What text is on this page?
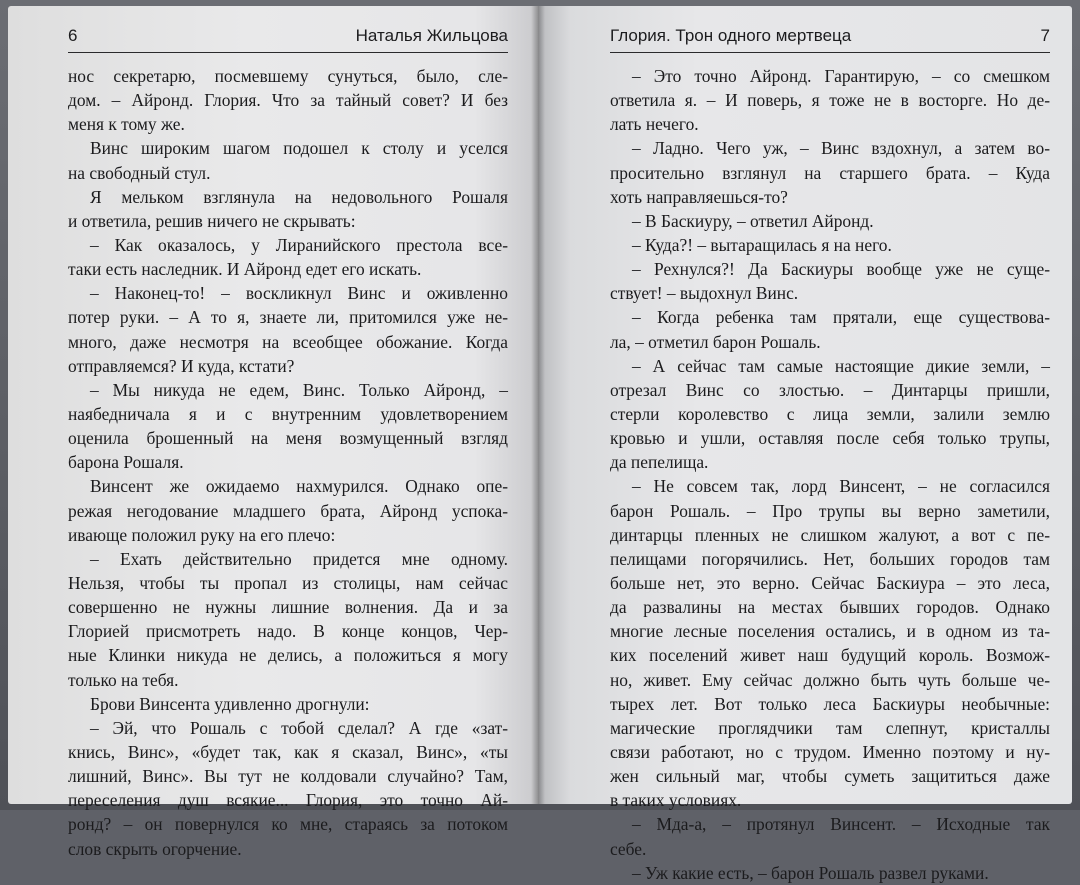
6	Наталья Жильцова
нос секретарю, посмевшему сунуться, было, сле-
дом. – Айронд. Глория. Что за тайный совет? И без
меня к тому же.
Винс широким шагом подошел к столу и уселся
на свободный стул.
Я мельком взглянула на недовольного Рошаля
и ответила, решив ничего не скрывать:
– Как оказалось, у Лиранийского престола все-
таки есть наследник. И Айронд едет его искать.
– Наконец-то! – воскликнул Винс и оживленно
потер руки. – А то я, знаете ли, притомился уже не-
много, даже несмотря на всеобщее обожание. Когда
отправляемся? И куда, кстати?
– Мы никуда не едем, Винс. Только Айронд, –
наябедничала я и с внутренним удовлетворением
оценила брошенный на меня возмущенный взгляд
барона Рошаля.
Винсент же ожидаемо нахмурился. Однако опе-
режая негодование младшего брата, Айронд успока-
ивающе положил руку на его плечо:
– Ехать действительно придется мне одному.
Нельзя, чтобы ты пропал из столицы, нам сейчас
совершенно не нужны лишние волнения. Да и за
Глорией присмотреть надо. В конце концов, Чер-
ные Клинки никуда не делись, а положиться я могу
только на тебя.
Брови Винсента удивленно дрогнули:
– Эй, что Рошаль с тобой сделал? А где «зат-
кнись, Винс», «будет так, как я сказал, Винс», «ты
лишний, Винс». Вы тут не колдовали случайно? Там,
переселения душ всякие... Глория, это точно Ай-
ронд? – он повернулся ко мне, стараясь за потоком
слов скрыть огорчение.
Глория. Трон одного мертвеца	7
– Это точно Айронд. Гарантирую, – со смешком
ответила я. – И поверь, я тоже не в восторге. Но де-
лать нечего.
– Ладно. Чего уж, – Винс вздохнул, а затем во-
просительно взглянул на старшего брата. – Куда
хоть направляешься-то?
– В Баскиуру, – ответил Айронд.
– Куда?! – вытаращилась я на него.
– Рехнулся?! Да Баскиуры вообще уже не суще-
ствует! – выдохнул Винс.
– Когда ребенка там прятали, еще существова-
ла, – отметил барон Рошаль.
– А сейчас там самые настоящие дикие земли, –
отрезал Винс со злостью. – Динтарцы пришли,
стерли королевство с лица земли, залили землю
кровью и ушли, оставляя после себя только трупы,
да пепелища.
– Не совсем так, лорд Винсент, – не согласился
барон Рошаль. – Про трупы вы верно заметили,
динтарцы пленных не слишком жалуют, а вот с пе-
пелищами погорячились. Нет, больших городов там
больше нет, это верно. Сейчас Баскиура – это леса,
да развалины на местах бывших городов. Однако
многие лесные поселения остались, и в одном из та-
ких поселений живет наш будущий король. Возмож-
но, живет. Ему сейчас должно быть чуть больше че-
тырех лет. Вот только леса Баскиуры необычные:
магические проглядчики там слепнут, кристаллы
связи работают, но с трудом. Именно поэтому и ну-
жен сильный маг, чтобы суметь защититься даже
в таких условиях.
– Мда-а, – протянул Винсент. – Исходные так
себе.
– Уж какие есть, – барон Рошаль развел руками.
